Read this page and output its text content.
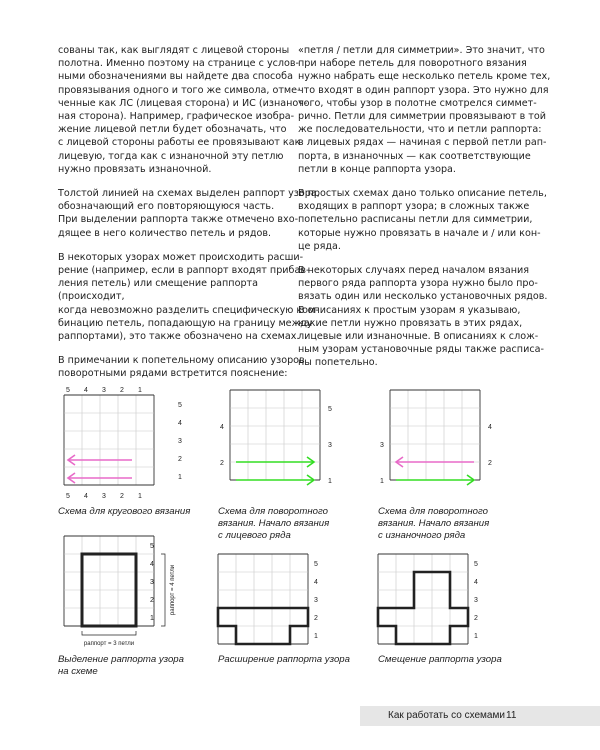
сованы так, как выглядят с лицевой стороны
полотна. Именно поэтому на странице с услов-
ными обозначениями вы найдете два способа
провязывания одного и того же символа, отме-
ченные как ЛС (лицевая сторона) и ИС (изнаноч-
ная сторона). Например, графическое изобра-
жение лицевой петли будет обозначать, что
с лицевой стороны работы ее провязывают как
лицевую, тогда как с изнаночной эту петлю
нужно провязать изнаночной.

Толстой линией на схемах выделен раппорт узора,
обозначающий его повторяющуюся часть.
При выделении раппорта также отмечено вхо-
дящее в него количество петель и рядов.

В некоторых узорах может происходить расши-
рение (например, если в раппорт входят прибав-
ления петель) или смещение раппорта (происходит,
когда невозможно разделить специфическую ком-
бинацию петель, попадающую на границу между
раппортами), это также обозначено на схемах.

В примечании к попетельному описанию узоров
поворотными рядами встретится пояснение:

«петля / петли для симметрии». Это значит, что
при наборе петель для поворотного вязания
нужно набрать еще несколько петель кроме тех,
что входят в один раппорт узора. Это нужно для
того, чтобы узор в полотне смотрелся симмет-
рично. Петли для симметрии провязывают в той
же последовательности, что и петли раппорта:
в лицевых рядах — начиная с первой петли рап-
порта, в изнаночных — как соответствующие
петли в конце раппорта узора.

В простых схемах дано только описание петель,
входящих в раппорт узора; в сложных также
попетельно расписаны петли для симметрии,
которые нужно провязать в начале и / или кон-
це ряда.

В некоторых случаях перед началом вязания
первого ряда раппорта узора нужно было про-
вязать один или несколько установочных рядов.
В описаниях к простым узорам я указываю,
какие петли нужно провязать в этих рядах,
лицевые или изнаночные. В описаниях к слож-
ным узорам установочные ряды также расписа-
ны попетельно.

5 4 3 2 1
5 4 3 2 1
5
4
3
2
1
Схема для кругового вязания
4
2
5
3
1
Схема для поворотного
вязания. Начало вязания
с лицевого ряда
3
1
4
2
Схема для поворотного
вязания. Начало вязания
с изнаночного ряда
5
4
3
2
1
раппорт = 4 петли
раппорт = 3 петли
Выделение раппорта узора
на схеме
5
4
3
2
1
Расширение раппорта узора
5
4
3
2
1
Смещение раппорта узора
Как работать со схемами 11
